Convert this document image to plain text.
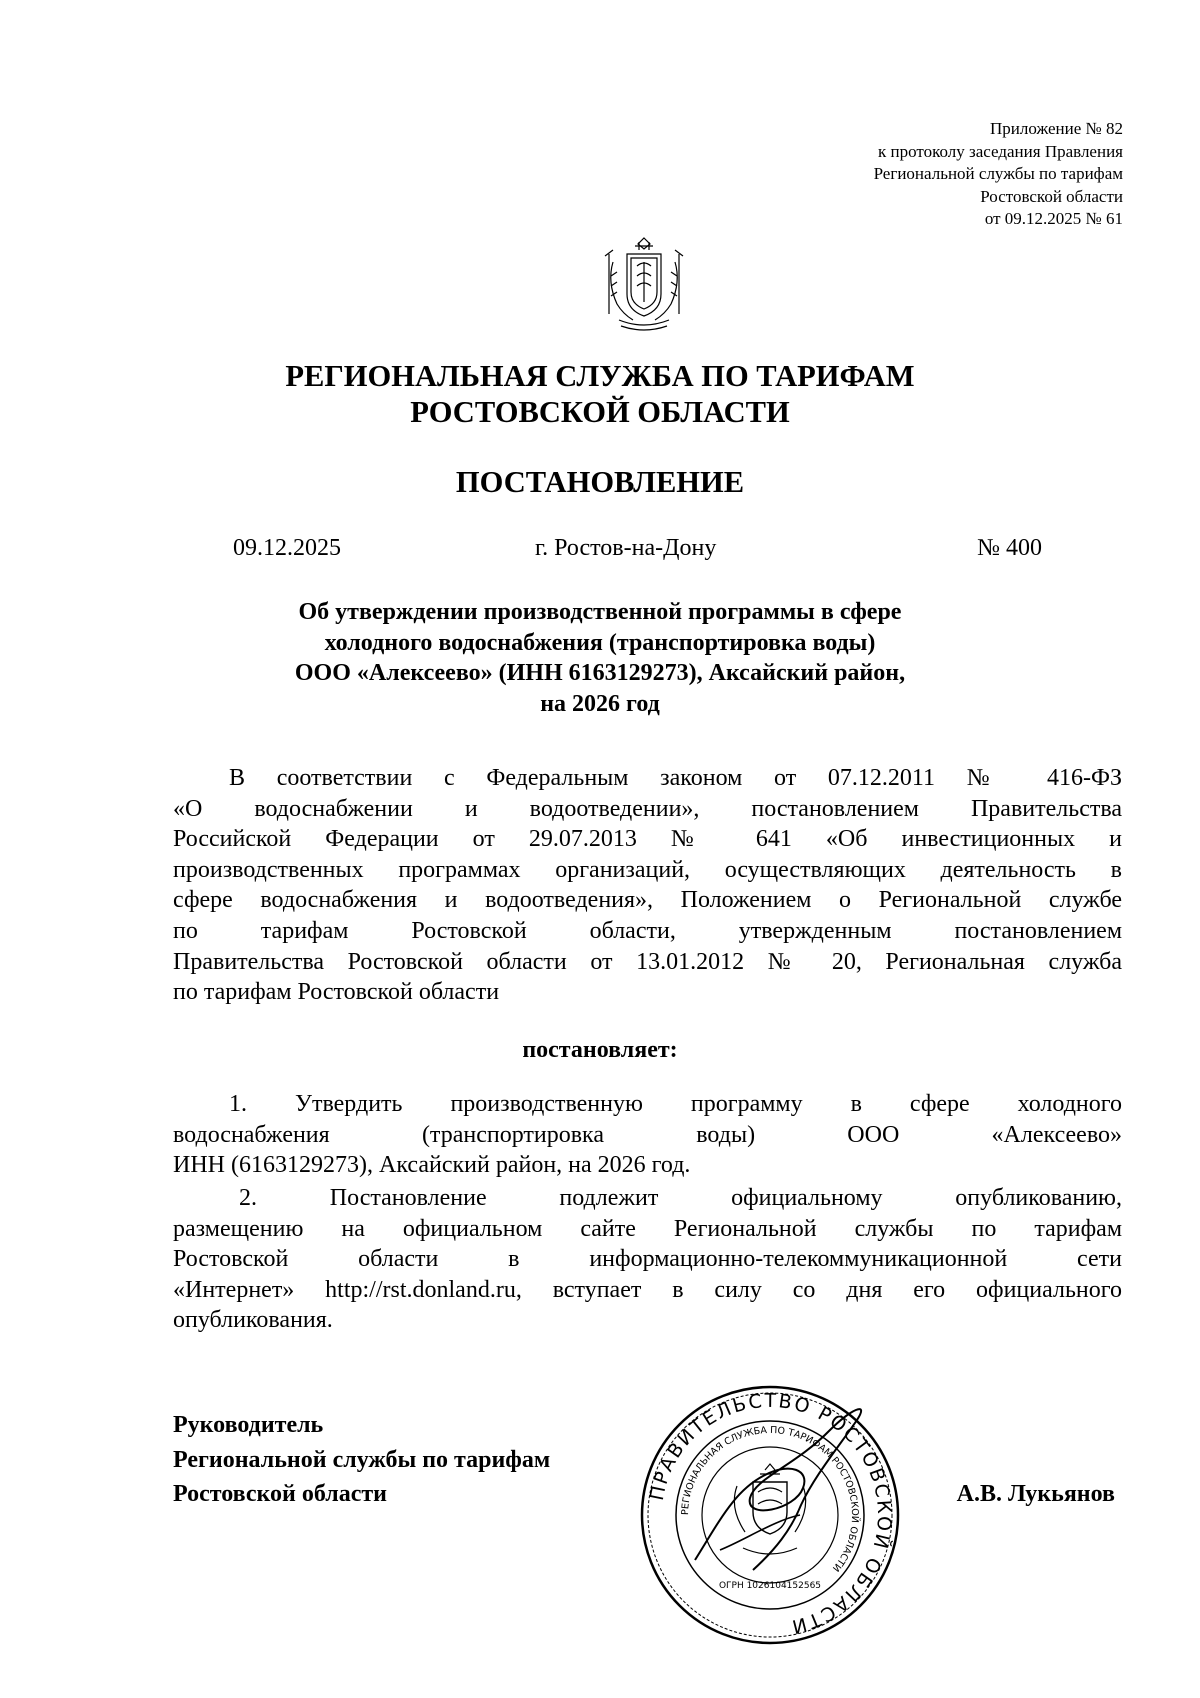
Приложение № 82
к протоколу заседания Правления
Региональной службы по тарифам
Ростовской области
от 09.12.2025 № 61
РЕГИОНАЛЬНАЯ СЛУЖБА ПО ТАРИФАМ
РОСТОВСКОЙ ОБЛАСТИ
ПОСТАНОВЛЕНИЕ
09.12.2025	г. Ростов-на-Дону	№ 400
Об утверждении производственной программы в сфере
холодного водоснабжения (транспортировка воды)
ООО «Алексеево» (ИНН 6163129273), Аксайский район,
на 2026 год
В соответствии с Федеральным законом от 07.12.2011 № 416-ФЗ
«О водоснабжении и водоотведении», постановлением Правительства
Российской Федерации от 29.07.2013 № 641 «Об инвестиционных и
производственных программах организаций, осуществляющих деятельность в
сфере водоснабжения и водоотведения», Положением о Региональной службе
по тарифам Ростовской области, утвержденным постановлением
Правительства Ростовской области от 13.01.2012 № 20, Региональная служба
по тарифам Ростовской области
постановляет:
1. Утвердить производственную программу в сфере холодного
водоснабжения (транспортировка воды) ООО «Алексеево»
ИНН (6163129273), Аксайский район, на 2026 год.
2. Постановление подлежит официальному опубликованию,
размещению на официальном сайте Региональной службы по тарифам
Ростовской области в информационно-телекоммуникационной сети
«Интернет» http://rst.donland.ru, вступает в силу со дня его официального
опубликования.
Руководитель
Региональной службы по тарифам
Ростовской области	ПРАВИТЕЛЬСТВО РОСТОВСКОЙ ОБЛАСТИ
РЕГИОНАЛЬНАЯ СЛУЖБА ПО ТАРИФАМ РОСТОВСКОЙ ОБЛАСТИ
ОГРН 1026104152565
А.В. Лукьянов
